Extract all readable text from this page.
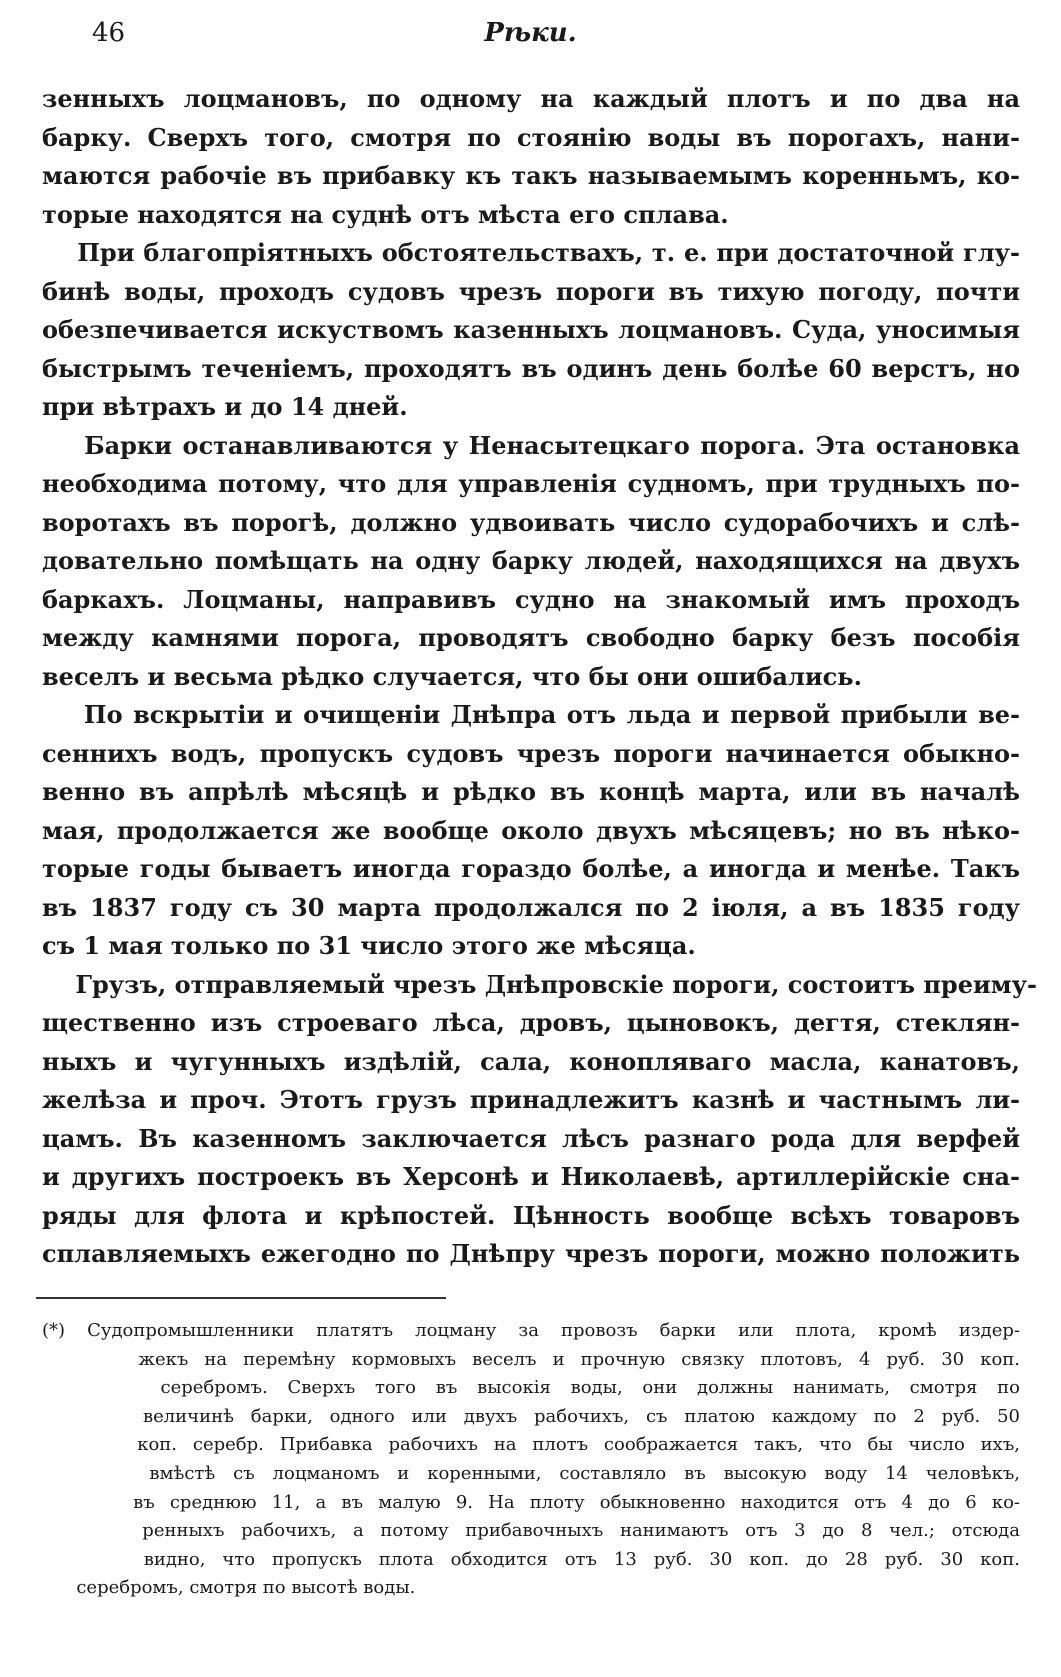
46	Рѣки.
зенныхъ лоцмановъ, по одному на каждый плотъ и по два на
барку. Сверхъ того, смотря по стоянію воды въ порогахъ, нани-
маются рабочіе въ прибавку къ такъ называемымъ коренньмъ, ко-
торые находятся на суднѣ отъ мѣста его сплава.
При благопріятныхъ обстоятельствахъ, т. е. при достаточной глу-
бинѣ воды, проходъ судовъ чрезъ пороги въ тихую погоду, почти
обезпечивается искуствомъ казенныхъ лоцмановъ. Суда, уносимыя
быстрымъ теченіемъ, проходятъ въ одинъ день болѣе 60 верстъ, но
при вѣтрахъ и до 14 дней.
Барки останавливаются у Ненасытецкаго порога. Эта остановка
необходима потому, что для управленія судномъ, при трудныхъ по-
воротахъ въ порогѣ, должно удвоивать число судорабочихъ и слѣ-
довательно помѣщать на одну барку людей, находящихся на двухъ
баркахъ. Лоцманы, направивъ судно на знакомый имъ проходъ
между камнями порога, проводятъ свободно барку безъ пособія
веселъ и весьма рѣдко случается, что бы они ошибались.
По вскрытіи и очищеніи Днѣпра отъ льда и первой прибыли ве-
сеннихъ водъ, пропускъ судовъ чрезъ пороги начинается обыкно-
венно въ апрѣлѣ мѣсяцѣ и рѣдко въ концѣ марта, или въ началѣ
мая, продолжается же вообще около двухъ мѣсяцевъ; но въ нѣко-
торые годы бываетъ иногда гораздо болѣе, а иногда и менѣе. Такъ
въ 1837 году съ 30 марта продолжался по 2 іюля, а въ 1835 году
съ 1 мая только по 31 число этого же мѣсяца.
Грузъ, отправляемый чрезъ Днѣпровскіе пороги, состоитъ преиму-
щественно изъ строеваго лѣса, дровъ, цыновокъ, дегтя, стеклян-
ныхъ и чугунныхъ издѣлій, сала, конопляваго масла, канатовъ,
желѣза и проч. Этотъ грузъ принадлежитъ казнѣ и частнымъ ли-
цамъ. Въ казенномъ заключается лѣсъ разнаго рода для верфей
и другихъ построекъ въ Херсонѣ и Николаевѣ, артиллерійскіе сна-
ряды для флота и крѣпостей. Цѣнность вообще всѣхъ товаровъ
сплавляемыхъ ежегодно по Днѣпру чрезъ пороги, можно положить
(*) Судопромышленники платятъ лоцману за провозъ барки или плота, кромѣ издер-
жекъ на перемѣну кормовыхъ веселъ и прочную связку плотовъ, 4 руб. 30 коп.
серебромъ. Сверхъ того въ высокія воды, они должны нанимать, смотря по
величинѣ барки, одного или двухъ рабочихъ, съ платою каждому по 2 руб. 50
коп. серебр. Прибавка рабочихъ на плотъ соображается такъ, что бы число ихъ,
вмѣстѣ съ лоцманомъ и коренными, составляло въ высокую воду 14 человѣкъ,
въ среднюю 11, а въ малую 9. На плоту обыкновенно находится отъ 4 до 6 ко-
ренныхъ рабочихъ, а потому прибавочныхъ нанимаютъ отъ 3 до 8 чел.; отсюда
видно, что пропускъ плота обходится отъ 13 руб. 30 коп. до 28 руб. 30 коп.
серебромъ, смотря по высотѣ воды.
